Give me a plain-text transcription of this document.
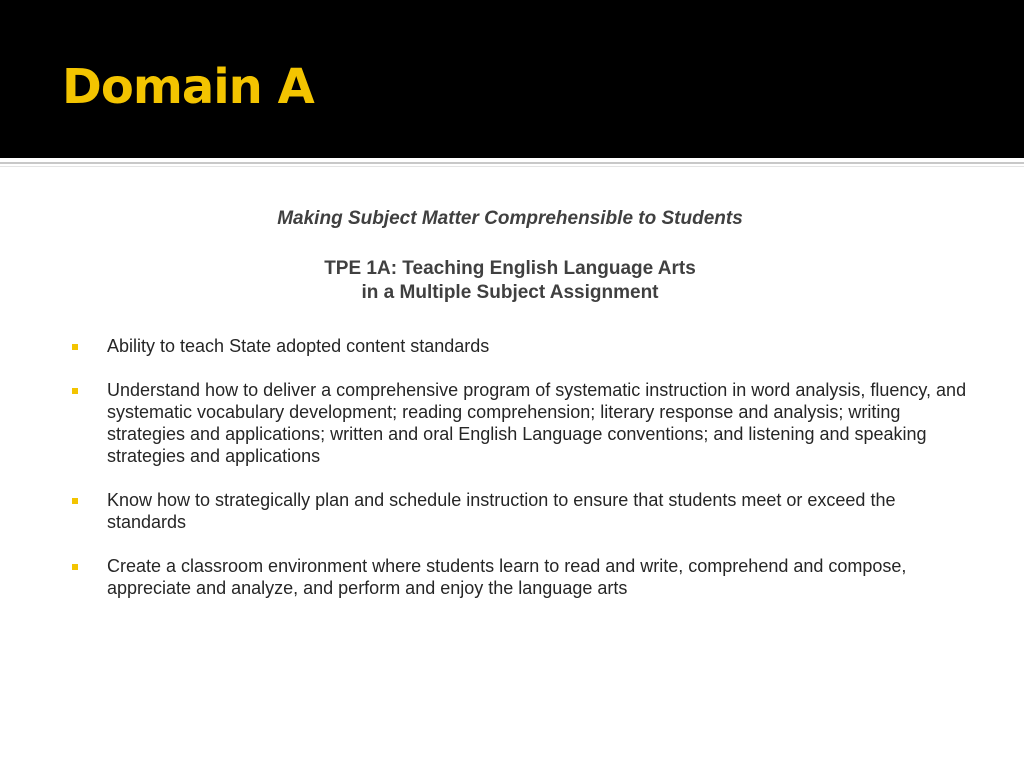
Domain A
Making Subject Matter Comprehensible to Students
TPE 1A: Teaching English Language Arts
in a Multiple Subject Assignment
Ability to teach State adopted content standards
Understand how to deliver a comprehensive program of systematic instruction in word analysis, fluency, and systematic vocabulary development; reading comprehension; literary response and analysis; writing strategies and applications; written and oral English Language conventions; and listening and speaking strategies and applications
Know how to strategically plan and schedule instruction to ensure that students meet or exceed the standards
Create a classroom environment where students learn to read and write, comprehend and compose, appreciate and analyze, and perform and enjoy the language arts
